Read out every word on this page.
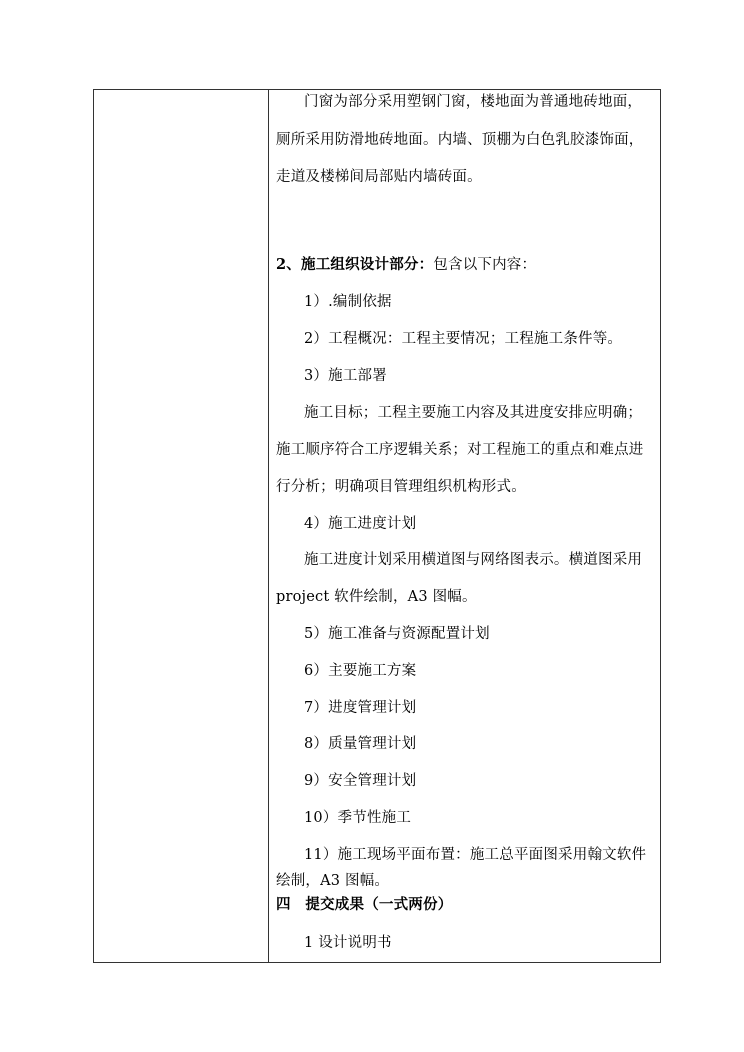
门窗为部分采用塑钢门窗，楼地面为普通地砖地面，
厕所采用防滑地砖地面。内墙、顶棚为白色乳胶漆饰面，
走道及楼梯间局部贴内墙砖面。
2、施工组织设计部分：包含以下内容：
1）.编制依据
2）工程概况：工程主要情况；工程施工条件等。
3）施工部署
施工目标；工程主要施工内容及其进度安排应明确；
施工顺序符合工序逻辑关系；对工程施工的重点和难点进
行分析；明确项目管理组织机构形式。
4）施工进度计划
施工进度计划采用横道图与网络图表示。横道图采用
project 软件绘制，A3 图幅。
5）施工准备与资源配置计划
6）主要施工方案
7）进度管理计划
8）质量管理计划
9）安全管理计划
10）季节性施工
11）施工现场平面布置：施工总平面图采用翰文软件
绘制，A3 图幅。
四　提交成果（一式两份）
1 设计说明书
